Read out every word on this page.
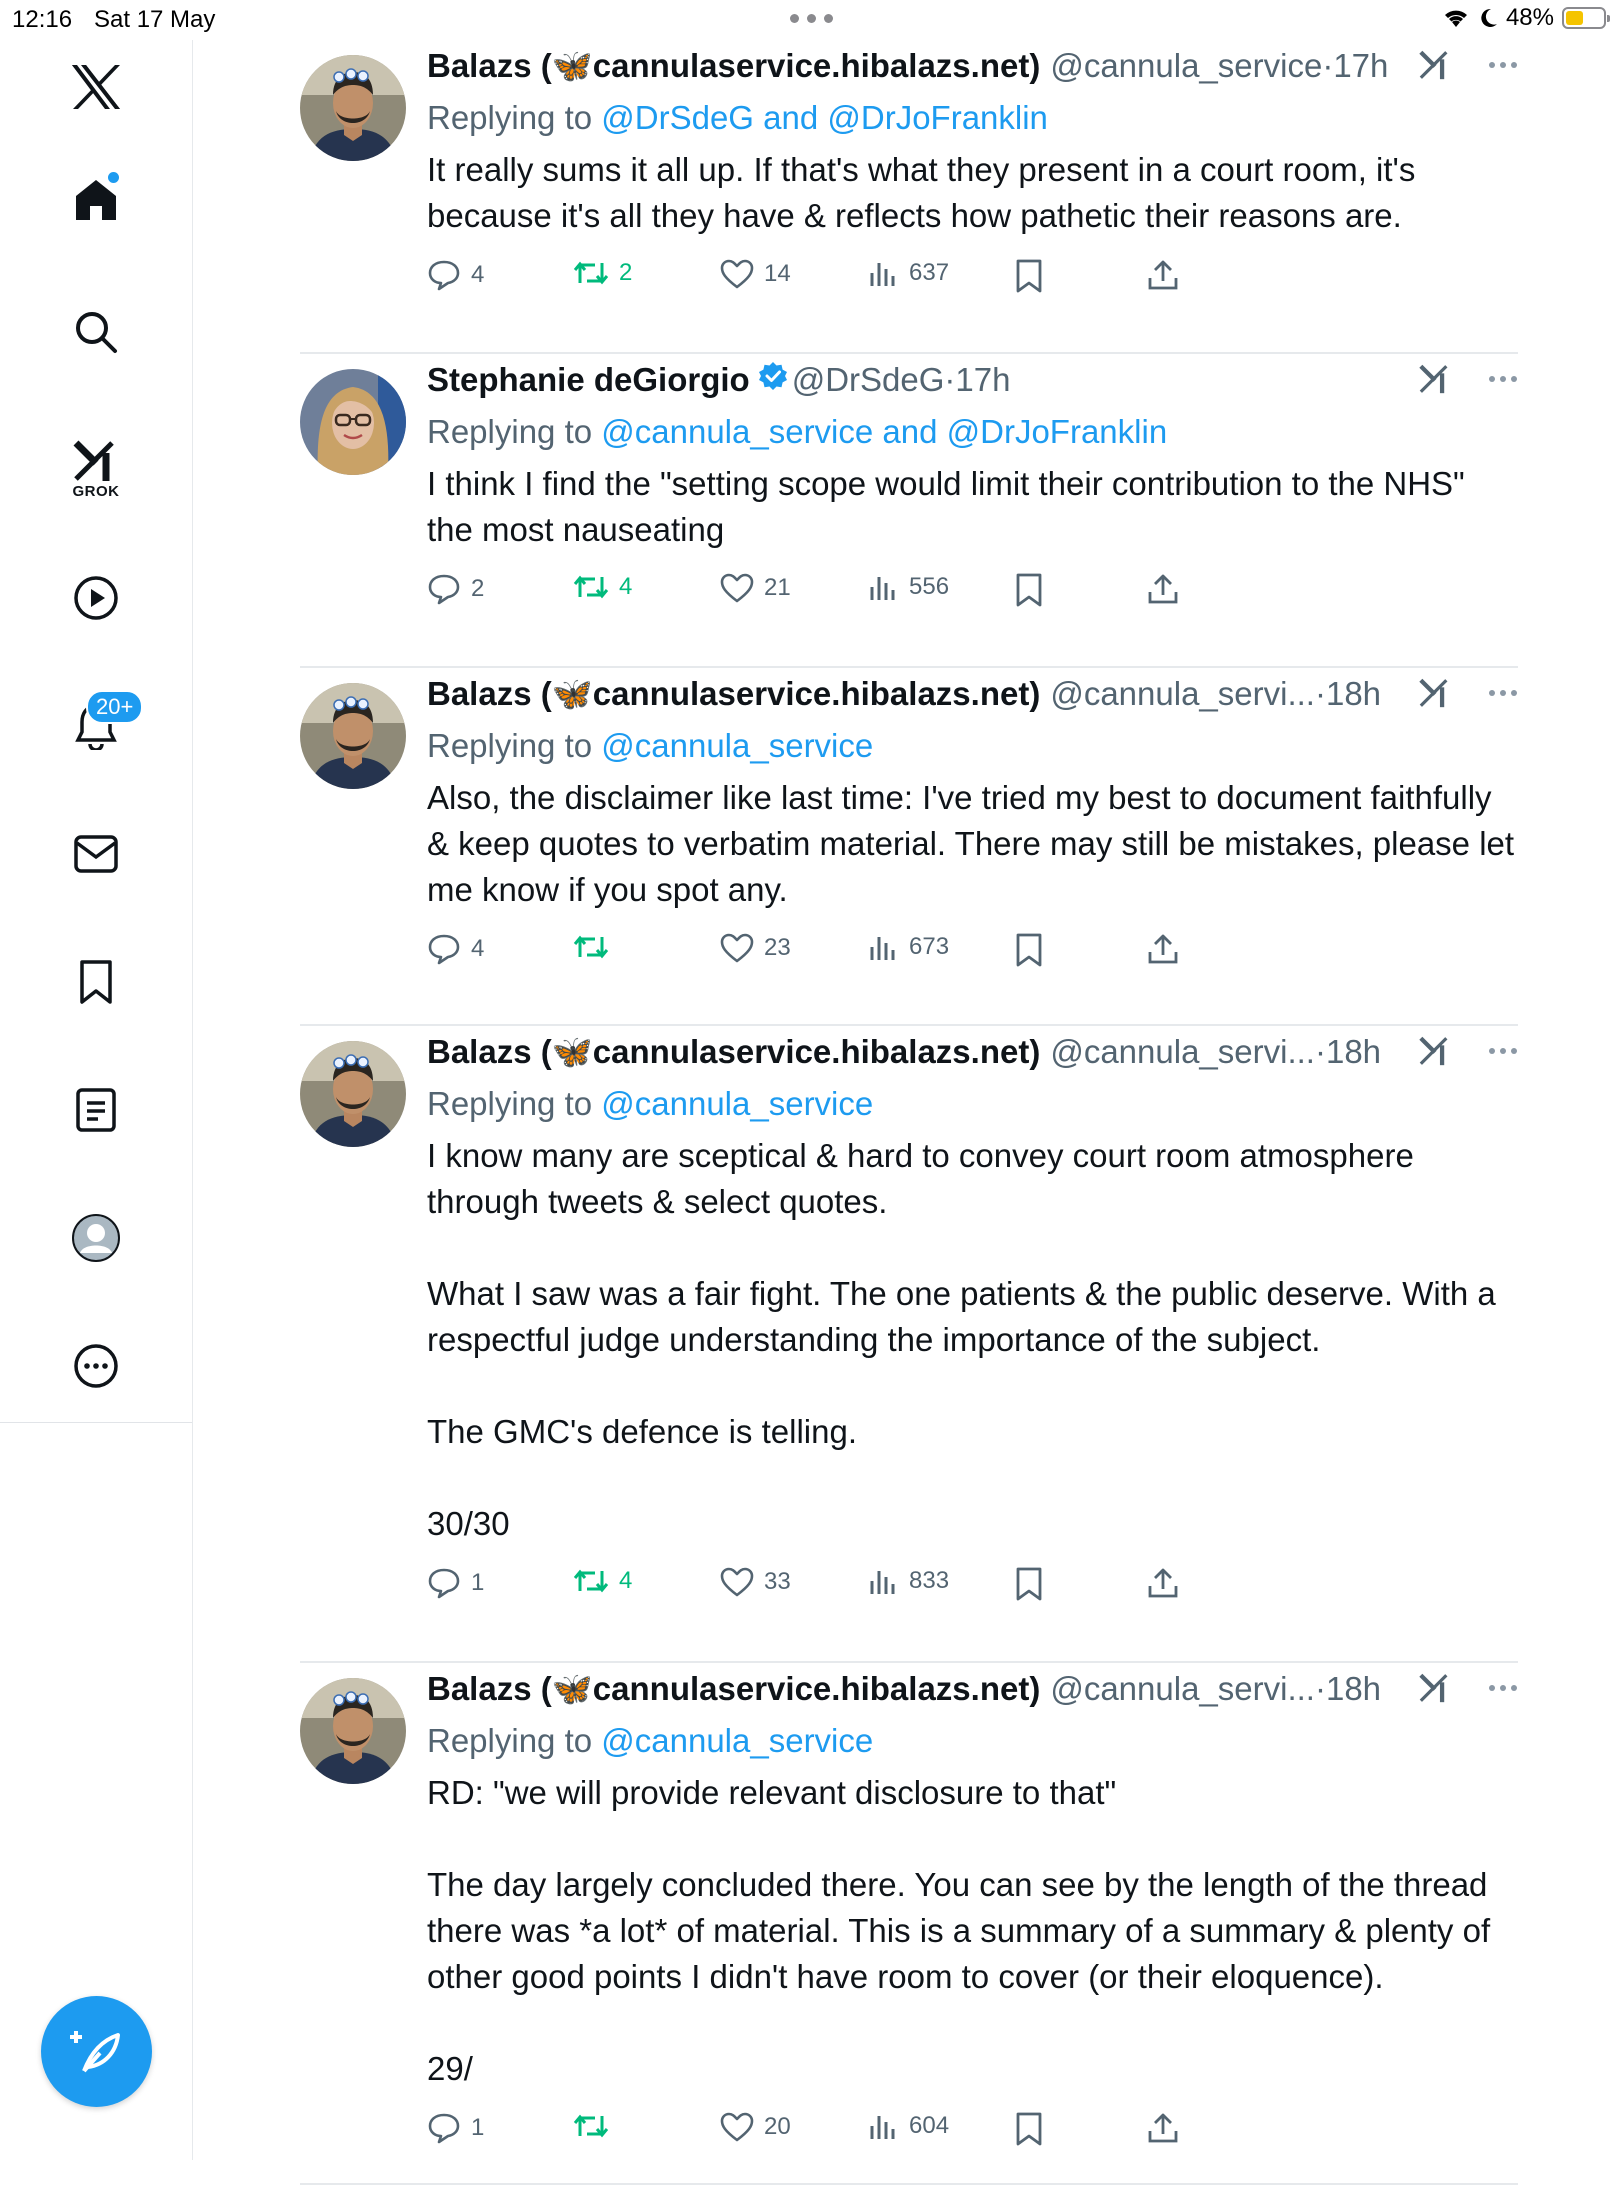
12:16 Sat 17 May	48%
GROK
20+
Balazs (🦋cannulaservice.hibalazs.net) @cannula_service · 17h
Replying to @DrSdeG and @DrJoFranklin

It really sums it all up. If that's what they present in a court room, it's because it's all they have & reflects how pathetic their reasons are.

4	2	14	637
Stephanie deGiorgio @DrSdeG · 17h
Replying to @cannula_service and @DrJoFranklin

I think I find the "setting scope would limit their contribution to the NHS" the most nauseating

2	4	21	556
Balazs (🦋cannulaservice.hibalazs.net) @cannula_servi... · 18h
Replying to @cannula_service

Also, the disclaimer like last time: I've tried my best to document faithfully & keep quotes to verbatim material. There may still be mistakes, please let me know if you spot any.

4	23	673
Balazs (🦋cannulaservice.hibalazs.net) @cannula_servi... · 18h
Replying to @cannula_service

I know many are sceptical & hard to convey court room atmosphere through tweets & select quotes.

What I saw was a fair fight. The one patients & the public deserve. With a respectful judge understanding the importance of the subject.

The GMC's defence is telling.

30/30

1	4	33	833
Balazs (🦋cannulaservice.hibalazs.net) @cannula_servi... · 18h
Replying to @cannula_service

RD: "we will provide relevant disclosure to that"

The day largely concluded there. You can see by the length of the thread there was *a lot* of material. This is a summary of a summary & plenty of other good points I didn't have room to cover (or their eloquence).

29/

1	20	604
